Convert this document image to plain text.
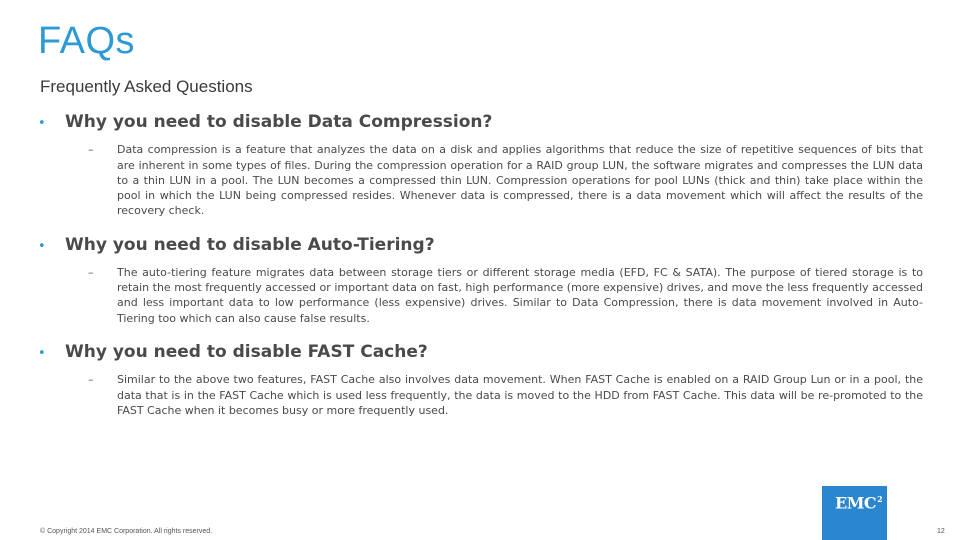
FAQs
Frequently Asked Questions
•	Why you need to disable Data Compression?
–	Data compression is a feature that analyzes the data on a disk and applies algorithms that reduce the size of repetitive sequences of bits that are inherent in some types of files. During the compression operation for a RAID group LUN, the software migrates and compresses the LUN data to a thin LUN in a pool. The LUN becomes a compressed thin LUN. Compression operations for pool LUNs (thick and thin) take place within the pool in which the LUN being compressed resides. Whenever data is compressed, there is a data movement which will affect the results of the recovery check.

•	Why you need to disable Auto-Tiering?
–	The auto-tiering feature migrates data between storage tiers or different storage media (EFD, FC & SATA). The purpose of tiered storage is to retain the most frequently accessed or important data on fast, high performance (more expensive) drives, and move the less frequently accessed and less important data to low performance (less expensive) drives. Similar to Data Compression, there is data movement involved in Auto-Tiering too which can also cause false results.

•	Why you need to disable FAST Cache?
–	Similar to the above two features, FAST Cache also involves data movement. When FAST Cache is enabled on a RAID Group Lun or in a pool, the data that is in the FAST Cache which is used less frequently, the data is moved to the HDD from FAST Cache. This data will be re-promoted to the FAST Cache when it becomes busy or more frequently used.

© Copyright 2014 EMC Corporation. All rights reserved.	12
EMC$^2$
